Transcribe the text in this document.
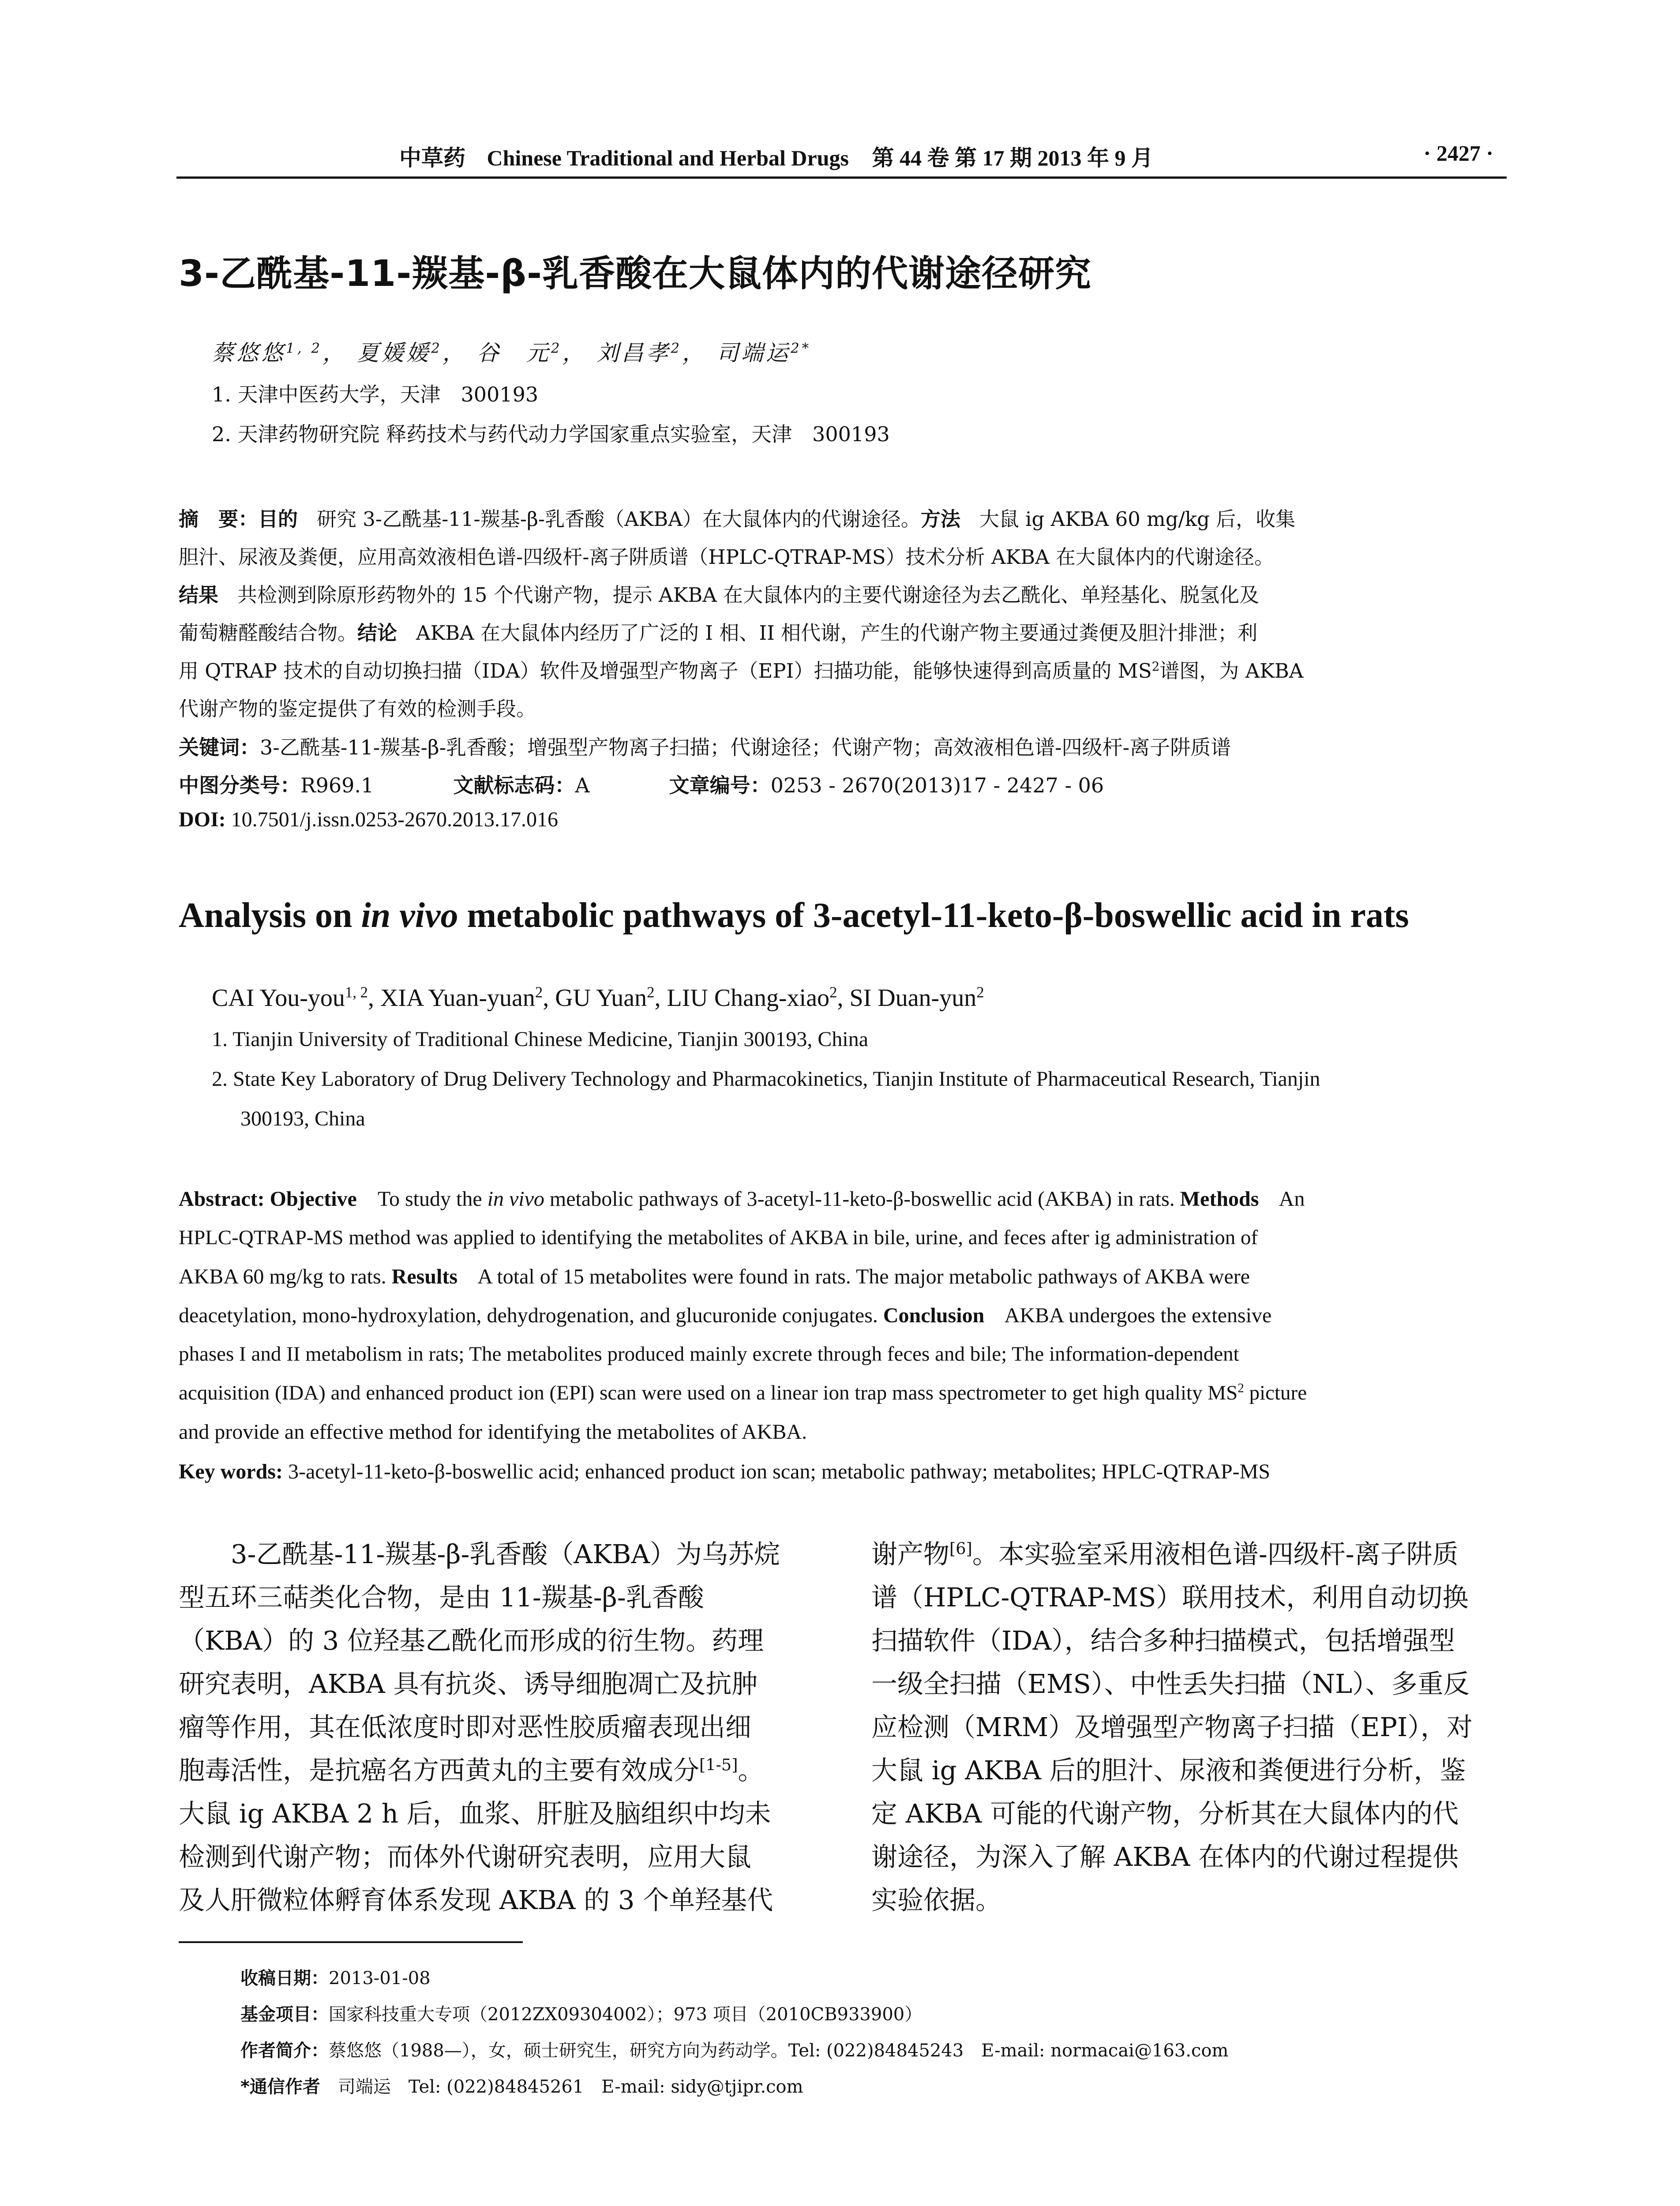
中草药 Chinese Traditional and Herbal Drugs 第 44 卷 第 17 期 2013 年 9 月	· 2427 ·
3-乙酰基-11-羰基-β-乳香酸在大鼠体内的代谢途径研究
蔡悠悠$^{1, 2}$， 夏媛媛$^2$， 谷　元$^2$， 刘昌孝$^2$， 司端运$^{2*}$
1. 天津中医药大学，天津　300193
2. 天津药物研究院 释药技术与药代动力学国家重点实验室，天津　300193
摘　要：目的 研究 3-乙酰基-11-羰基-β-乳香酸（AKBA）在大鼠体内的代谢途径。方法 大鼠 ig AKBA 60 mg/kg 后，收集
胆汁、尿液及粪便，应用高效液相色谱-四级杆-离子阱质谱（HPLC-QTRAP-MS）技术分析 AKBA 在大鼠体内的代谢途径。
结果 共检测到除原形药物外的 15 个代谢产物，提示 AKBA 在大鼠体内的主要代谢途径为去乙酰化、单羟基化、脱氢化及
葡萄糖醛酸结合物。结论 AKBA 在大鼠体内经历了广泛的 I 相、II 相代谢，产生的代谢产物主要通过粪便及胆汁排泄；利
用 QTRAP 技术的自动切换扫描（IDA）软件及增强型产物离子（EPI）扫描功能，能够快速得到高质量的 $MS^2$谱图，为 AKBA
代谢产物的鉴定提供了有效的检测手段。
关键词：3-乙酰基-11-羰基-β-乳香酸；增强型产物离子扫描；代谢途径；代谢产物；高效液相色谱-四级杆-离子阱质谱
中图分类号：R969.1	文献标志码：A	文章编号：0253 - 2670(2013)17 - 2427 - 06
DOI: 10.7501/j.issn.0253-2670.2013.17.016
Analysis on in vivo metabolic pathways of 3-acetyl-11-keto-β-boswellic acid in rats
CAI You-you$^{1, 2}$, XIA Yuan-yuan$^2$, GU Yuan$^2$, LIU Chang-xiao$^2$, SI Duan-yun$^2$
1. Tianjin University of Traditional Chinese Medicine, Tianjin 300193, China
2. State Key Laboratory of Drug Delivery Technology and Pharmacokinetics, Tianjin Institute of Pharmaceutical Research, Tianjin
300193, China
Abstract: Objective To study the in vivo metabolic pathways of 3-acetyl-11-keto-β-boswellic acid (AKBA) in rats. Methods An
HPLC-QTRAP-MS method was applied to identifying the metabolites of AKBA in bile, urine, and feces after ig administration of
AKBA 60 mg/kg to rats. Results A total of 15 metabolites were found in rats. The major metabolic pathways of AKBA were
deacetylation, mono-hydroxylation, dehydrogenation, and glucuronide conjugates. Conclusion AKBA undergoes the extensive
phases I and II metabolism in rats; The metabolites produced mainly excrete through feces and bile; The information-dependent
acquisition (IDA) and enhanced product ion (EPI) scan were used on a linear ion trap mass spectrometer to get high quality $MS^2$ picture
and provide an effective method for identifying the metabolites of AKBA.
Key words: 3-acetyl-11-keto-β-boswellic acid; enhanced product ion scan; metabolic pathway; metabolites; HPLC-QTRAP-MS
　　3-乙酰基-11-羰基-β-乳香酸（AKBA）为乌苏烷
型五环三萜类化合物，是由 11-羰基-β-乳香酸
（KBA）的 3 位羟基乙酰化而形成的衍生物。药理
研究表明，AKBA 具有抗炎、诱导细胞凋亡及抗肿
瘤等作用，其在低浓度时即对恶性胶质瘤表现出细
胞毒活性，是抗癌名方西黄丸的主要有效成分[1-5]。
大鼠 ig AKBA 2 h 后，血浆、肝脏及脑组织中均未
检测到代谢产物；而体外代谢研究表明，应用大鼠
及人肝微粒体孵育体系发现 AKBA 的 3 个单羟基代
谢产物[6]。本实验室采用液相色谱-四级杆-离子阱质
谱（HPLC-QTRAP-MS）联用技术，利用自动切换
扫描软件（IDA），结合多种扫描模式，包括增强型
一级全扫描（EMS）、中性丢失扫描（NL）、多重反
应检测（MRM）及增强型产物离子扫描（EPI），对
大鼠 ig AKBA 后的胆汁、尿液和粪便进行分析，鉴
定 AKBA 可能的代谢产物，分析其在大鼠体内的代
谢途径，为深入了解 AKBA 在体内的代谢过程提供
实验依据。
收稿日期：2013-01-08
基金项目：国家科技重大专项（2012ZX09304002）；973 项目（2010CB933900）
作者简介：蔡悠悠（1988—），女，硕士研究生，研究方向为药动学。Tel: (022)84845243　E-mail: normacai@163.com
*通信作者　司端运　Tel: (022)84845261　E-mail: sidy@tjipr.com
